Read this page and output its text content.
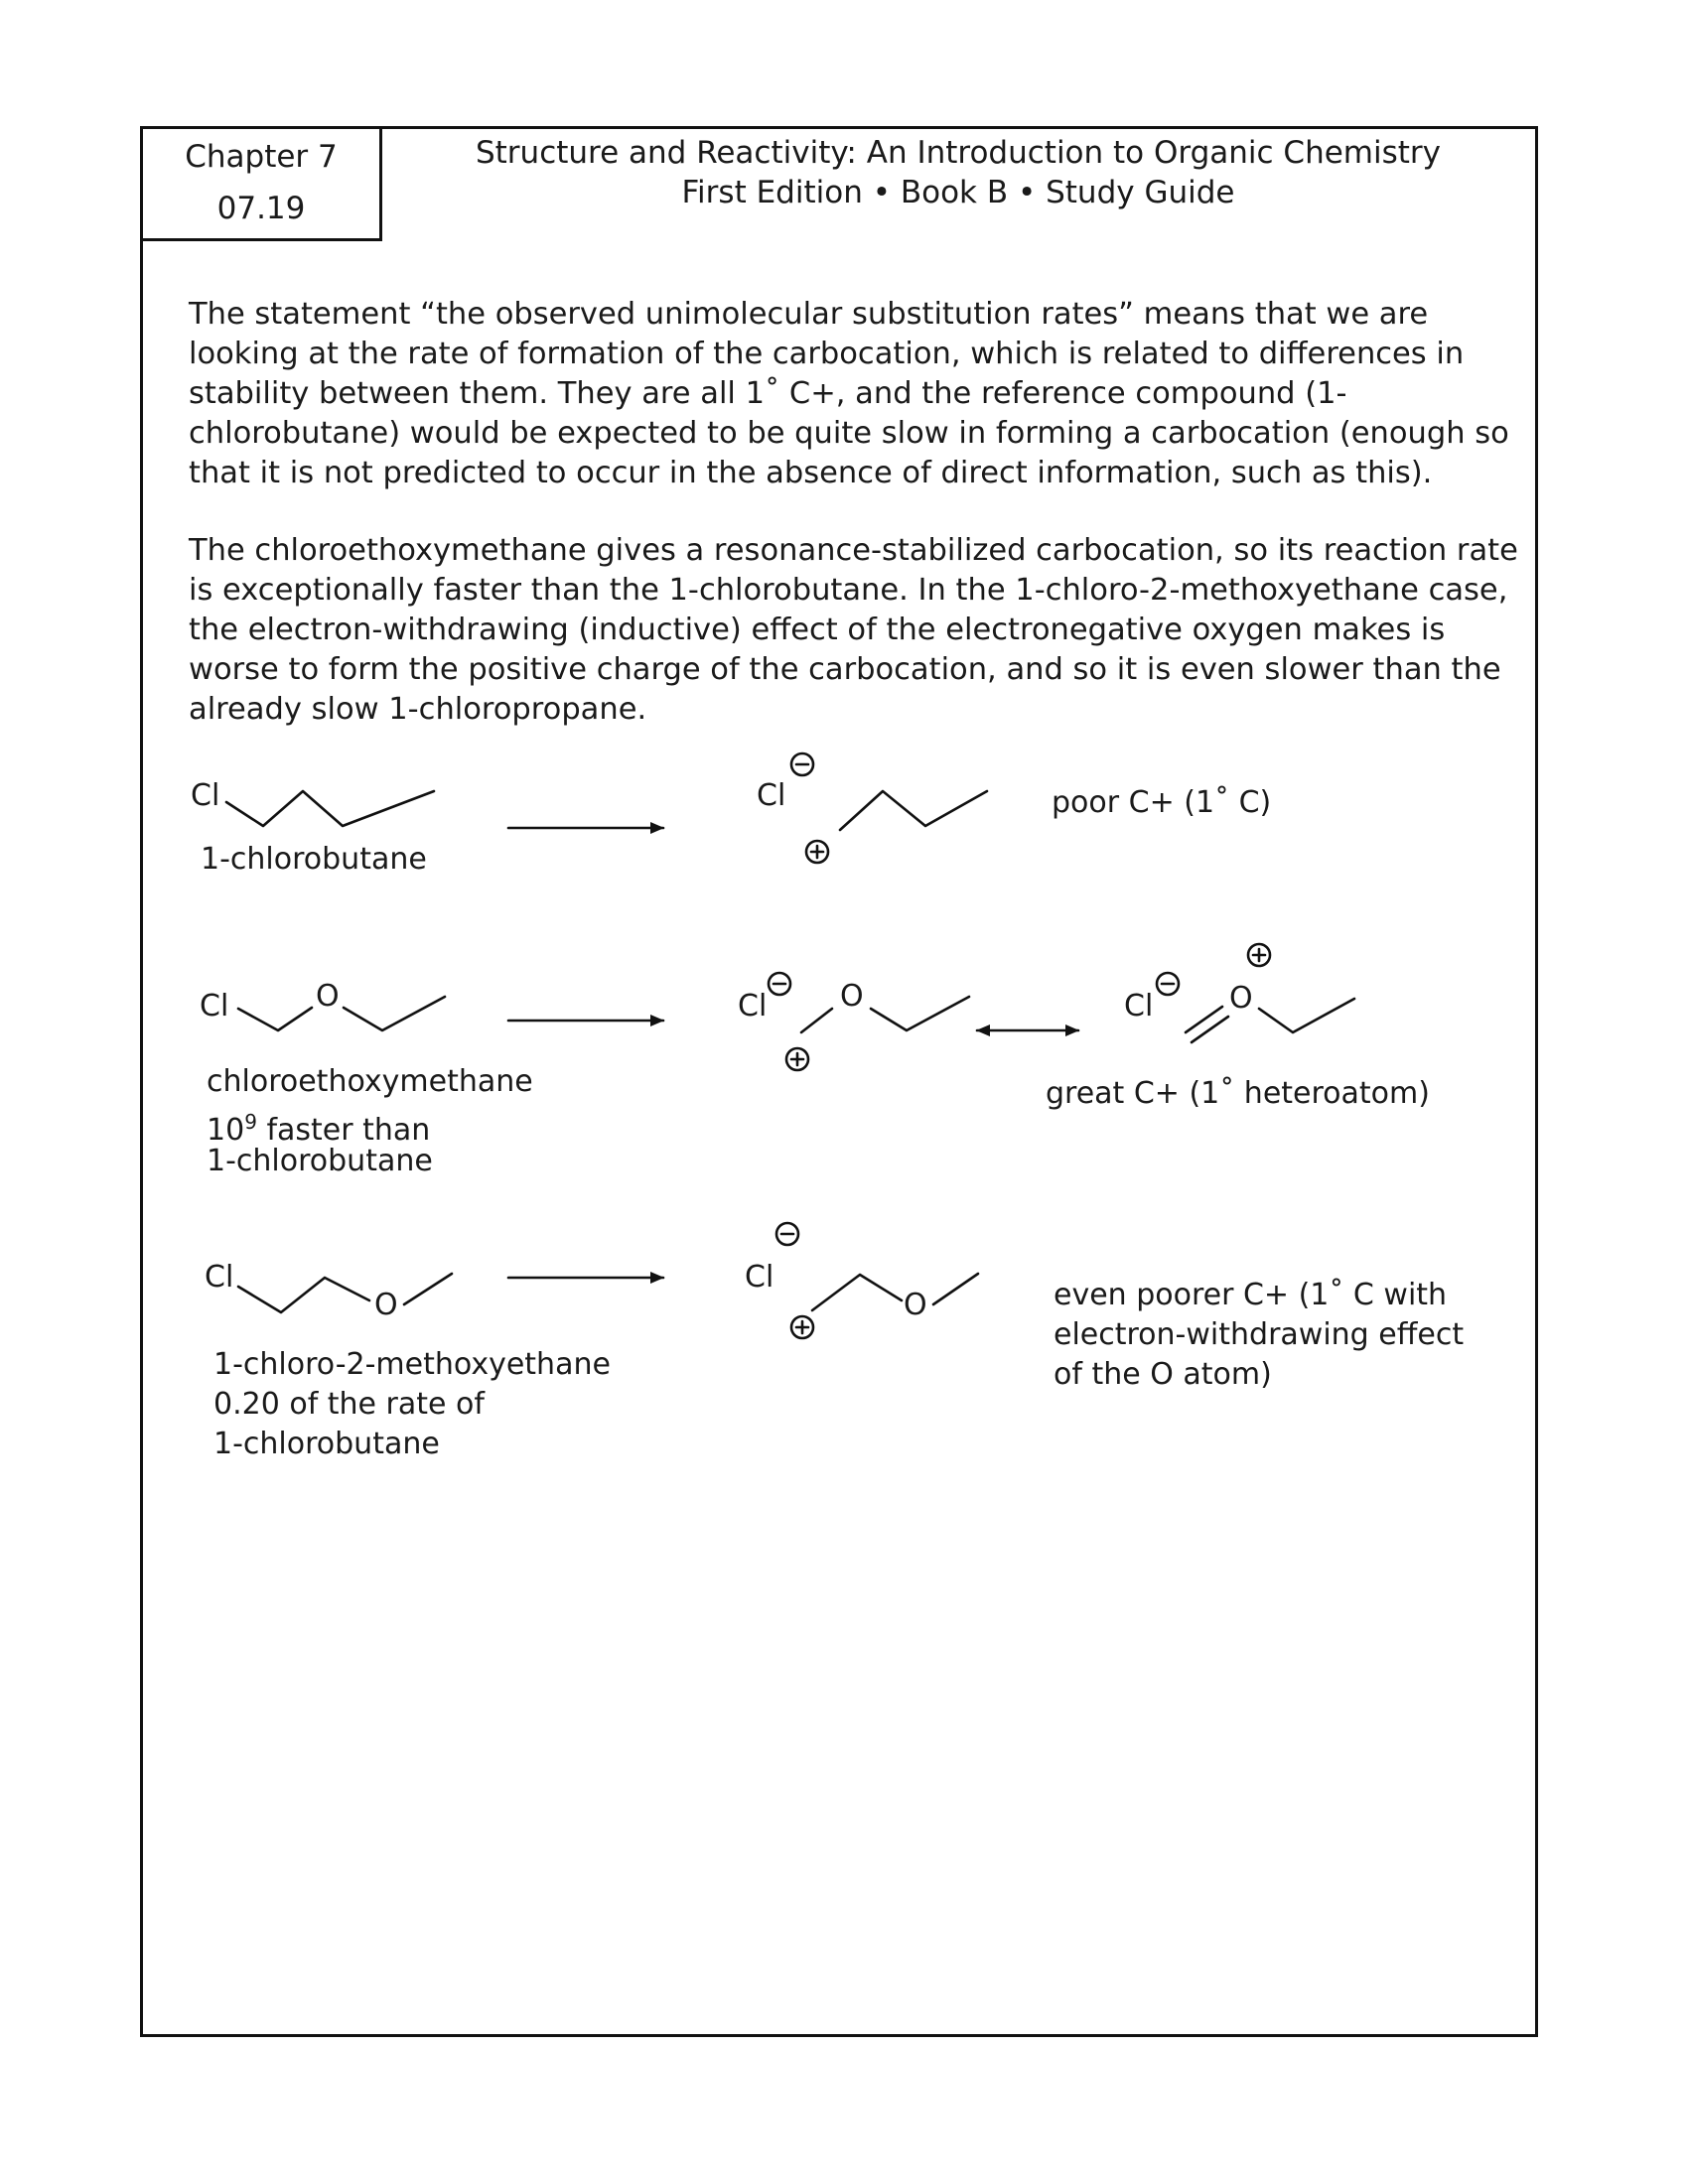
Chapter 7
07.19
Structure and Reactivity: An Introduction to Organic Chemistry
First Edition • Book B • Study Guide

The statement “the observed unimolecular substitution rates” means that we are looking at the rate of formation of the carbocation, which is related to differences in stability between them. They are all 1˚ C+, and the reference compound (1-chlorobutane) would be expected to be quite slow in forming a carbocation (enough so that it is not predicted to occur in the absence of direct information, such as this).

The chloroethoxymethane gives a resonance-stabilized carbocation, so its reaction rate is exceptionally faster than the 1-chlorobutane. In the 1-chloro-2-methoxyethane case, the electron-withdrawing (inductive) effect of the electronegative oxygen makes is worse to form the positive charge of the carbocation, and so it is even slower than the already slow 1-chloropropane.

Cl	Cl
Cl	O	Cl O	Cl	O
Cl
O
Cl
O
1-chlorobutane
poor C+ (1˚ C)
chloroethoxymethane
$10^9$ faster than
1-chlorobutane
great C+ (1˚ heteroatom)
1-chloro-2-methoxyethane
0.20 of the rate of
1-chlorobutane
even poorer C+ (1˚ C with
electron-withdrawing effect
of the O atom)
